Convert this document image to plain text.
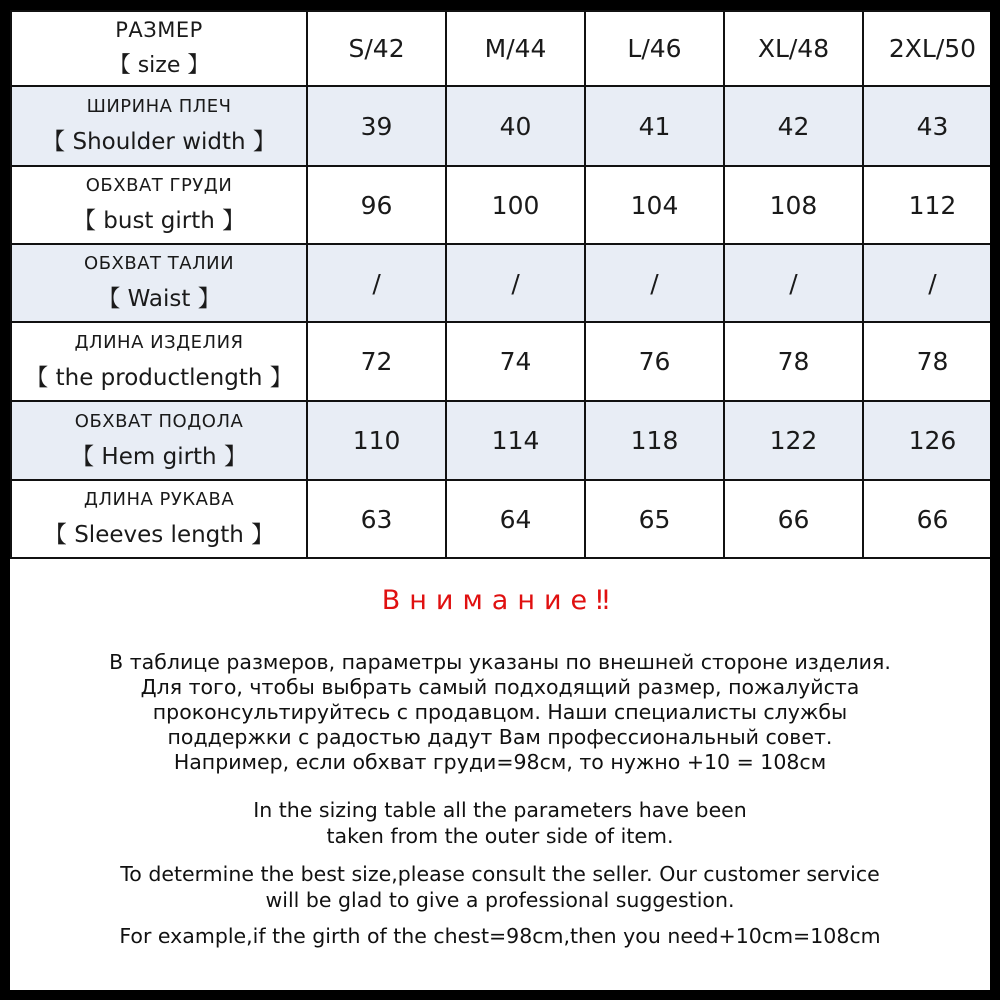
РАЗМЕР
【 size 】	S/42	M/44	L/46	XL/48	2XL/50

ШИРИНА ПЛЕЧ
【 Shoulder width 】	39	40	41	42	43

ОБХВАТ ГРУДИ
【 bust girth 】	96	100	104	108	112

ОБХВАТ ТАЛИИ
【 Waist 】	/	/	/	/	/

ДЛИНА ИЗДЕЛИЯ
【 the productlength 】	72	74	76	78	78

ОБХВАТ ПОДОЛА
【 Hem girth 】	110	114	118	122	126

ДЛИНА РУКАВА
【 Sleeves length 】	63	64	65	66	66
Внимание‼

В таблице размеров, параметры указаны по внешней стороне изделия.

Для того, чтобы выбрать самый подходящий размер, пожалуйста

проконсультируйтесь с продавцом. Наши специалисты службы

поддержки с радостью дадут Вам профессиональный совет.

Например, если обхват груди=98см, то нужно +10 = 108см

In the sizing table all the parameters have been

taken from the outer side of item.

To determine the best size,please consult the seller. Our customer service

will be glad to give a professional suggestion.

For example,if the girth of the chest=98cm,then you need+10cm=108cm
